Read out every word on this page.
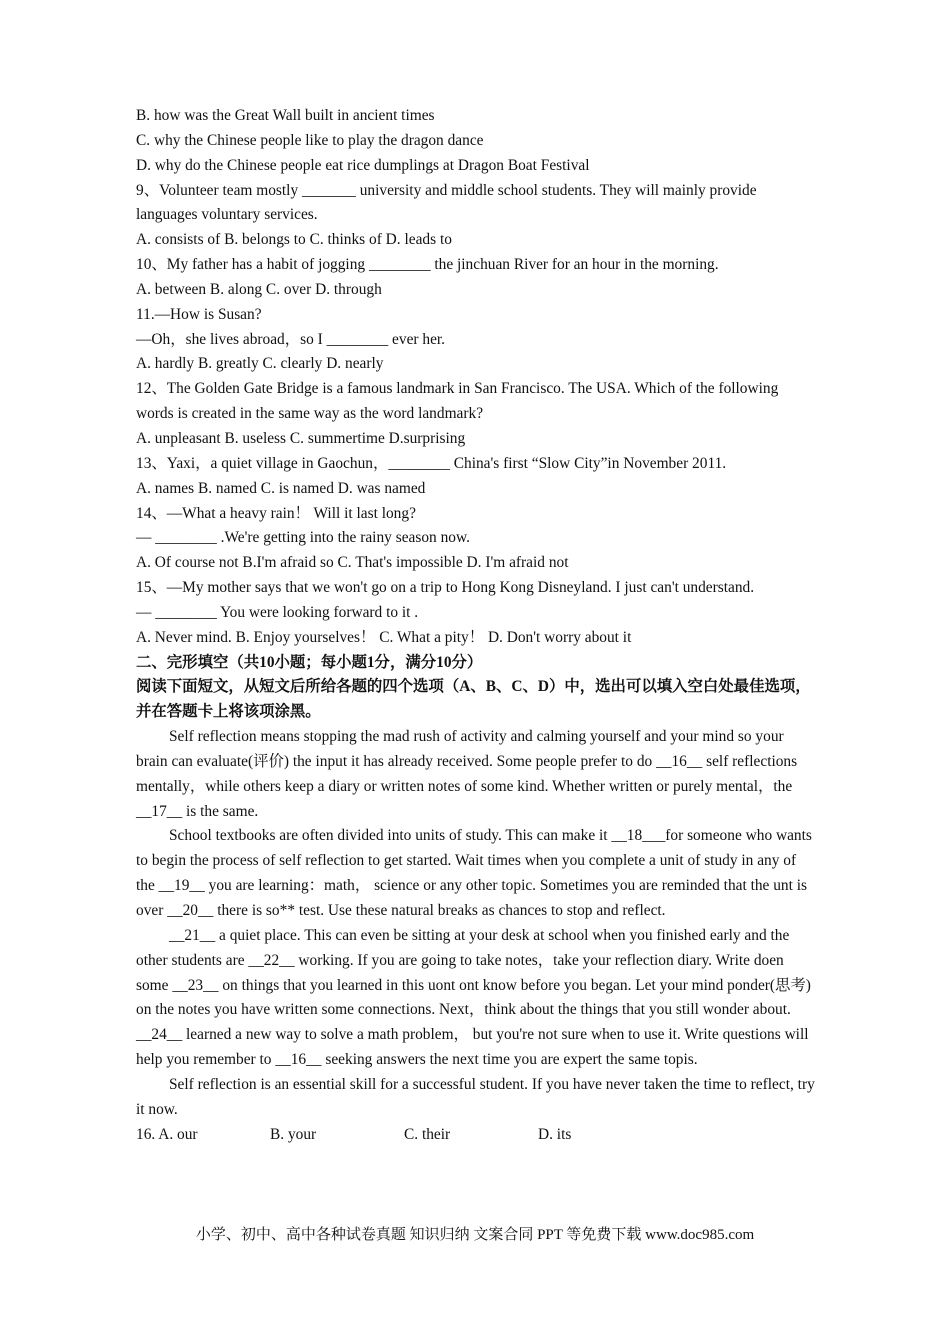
B. how was the Great Wall built in ancient times
C. why the Chinese people like to play the dragon dance
D. why do the Chinese people eat rice dumplings at Dragon Boat Festival
9、Volunteer team mostly _______ university and middle school students. They will mainly provide languages voluntary services.
A. consists of B. belongs to C. thinks of D. leads to
10、My father has a habit of jogging ________ the jinchuan River for an hour in the morning.
A. between B. along C. over D. through
11.—How is Susan?
—Oh，she lives abroad，so I ________ ever her.
A. hardly B. greatly C. clearly D. nearly
12、The Golden Gate Bridge is a famous landmark in San Francisco. The USA. Which of the following words is created in the same way as the word landmark?
A. unpleasant B. useless C. summertime D.surprising
13、Yaxi，a quiet village in Gaochun，________ China's first “Slow City”in November 2011.
A. names B. named C. is named D. was named
14、—What a heavy rain！ Will it last long?
— ________ .We're getting into the rainy season now.
A. Of course not B.I'm afraid so C. That's impossible D. I'm afraid not
15、—My mother says that we won't go on a trip to Hong Kong Disneyland. I just can't understand.
— ________ You were looking forward to it .
A. Never mind. B. Enjoy yourselves！ C. What a pity！ D. Don't worry about it
二、完形填空（共10小题；每小题1分，满分10分）
阅读下面短文，从短文后所给各题的四个选项（A、B、C、D）中，选出可以填入空白处最佳选项，并在答题卡上将该项涂黑。
Self reflection means stopping the mad rush of activity and calming yourself and your mind so your brain can evaluate(评价) the input it has already received. Some people prefer to do __16__ self reflections mentally，while others keep a diary or written notes of some kind. Whether written or purely mental，the __17__ is the same.
School textbooks are often divided into units of study. This can make it __18___for someone who wants to begin the process of self reflection to get started. Wait times when you complete a unit of study in any of the __19__ you are learning：math， science or any other topic. Sometimes you are reminded that the unt is over __20__ there is so** test. Use these natural breaks as chances to stop and reflect.
__21__ a quiet place. This can even be sitting at your desk at school when you finished early and the other students are __22__ working. If you are going to take notes，take your reflection diary. Write doen some __23__ on things that you learned in this uont ont know before you began. Let your mind ponder(思考) on the notes you have written some connections. Next，think about the things that you still wonder about. __24__ learned a new way to solve a math problem， but you're not sure when to use it. Write questions will help you remember to __16__ seeking answers the next time you are expert the same topis.
Self reflection is an essential skill for a successful student. If you have never taken the time to reflect, try it now.
16. A. our	B. your	C. their	D. its
小学、初中、高中各种试卷真题 知识归纳 文案合同 PPT 等免费下载 www.doc985.com
